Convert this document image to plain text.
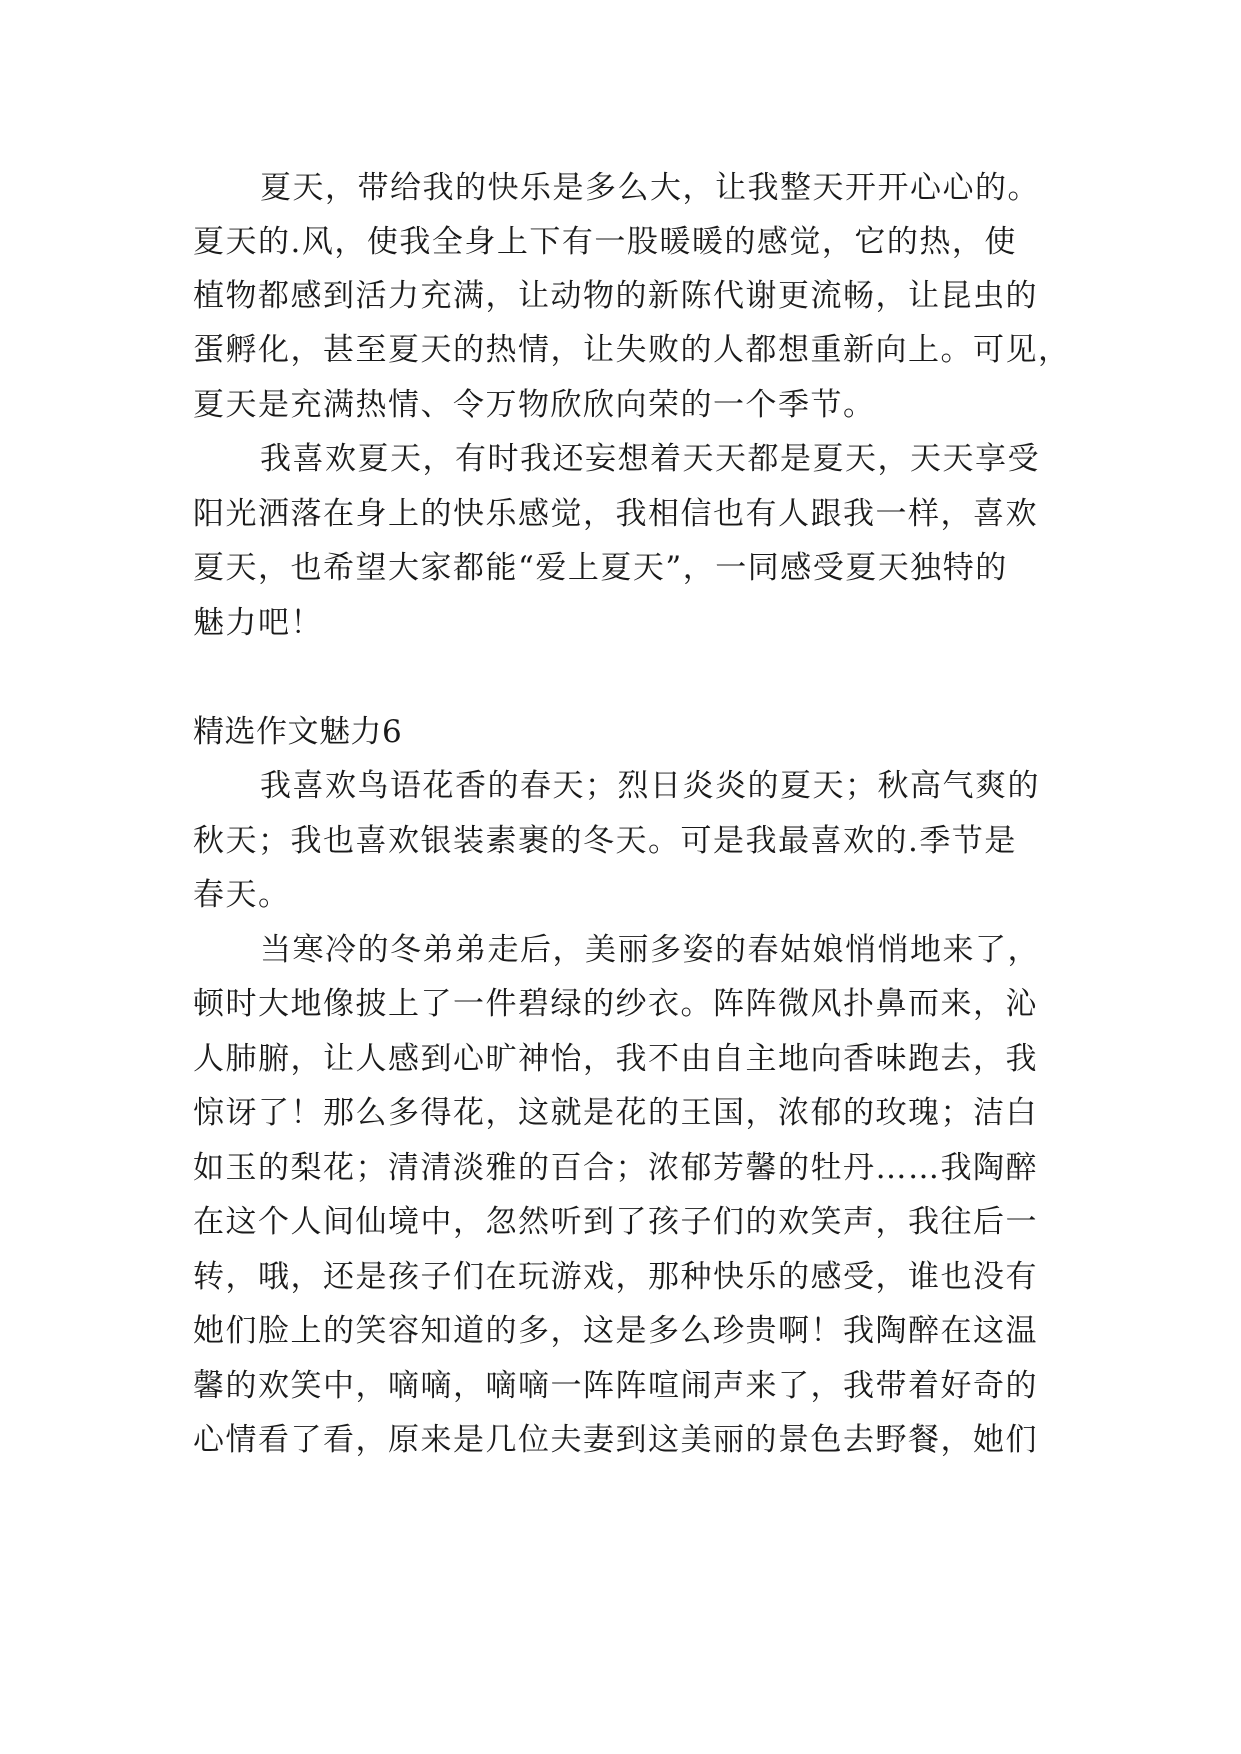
夏天，带给我的快乐是多么大，让我整天开开心心的。
夏天的.风，使我全身上下有一股暖暖的感觉，它的热，使
植物都感到活力充满，让动物的新陈代谢更流畅，让昆虫的
蛋孵化，甚至夏天的热情，让失败的人都想重新向上。可见，
夏天是充满热情、令万物欣欣向荣的一个季节。
我喜欢夏天，有时我还妄想着天天都是夏天，天天享受
阳光洒落在身上的快乐感觉，我相信也有人跟我一样，喜欢
夏天，也希望大家都能“爱上夏天”，一同感受夏天独特的
魅力吧！
精选作文魅力6
我喜欢鸟语花香的春天；烈日炎炎的夏天；秋高气爽的
秋天；我也喜欢银装素裹的冬天。可是我最喜欢的.季节是
春天。
当寒冷的冬弟弟走后，美丽多姿的春姑娘悄悄地来了，
顿时大地像披上了一件碧绿的纱衣。阵阵微风扑鼻而来，沁
人肺腑，让人感到心旷神怡，我不由自主地向香味跑去，我
惊讶了！那么多得花，这就是花的王国，浓郁的玫瑰；洁白
如玉的梨花；清清淡雅的百合；浓郁芳馨的牡丹……我陶醉
在这个人间仙境中，忽然听到了孩子们的欢笑声，我往后一
转，哦，还是孩子们在玩游戏，那种快乐的感受，谁也没有
她们脸上的笑容知道的多，这是多么珍贵啊！我陶醉在这温
馨的欢笑中，嘀嘀，嘀嘀一阵阵喧闹声来了，我带着好奇的
心情看了看，原来是几位夫妻到这美丽的景色去野餐，她们
